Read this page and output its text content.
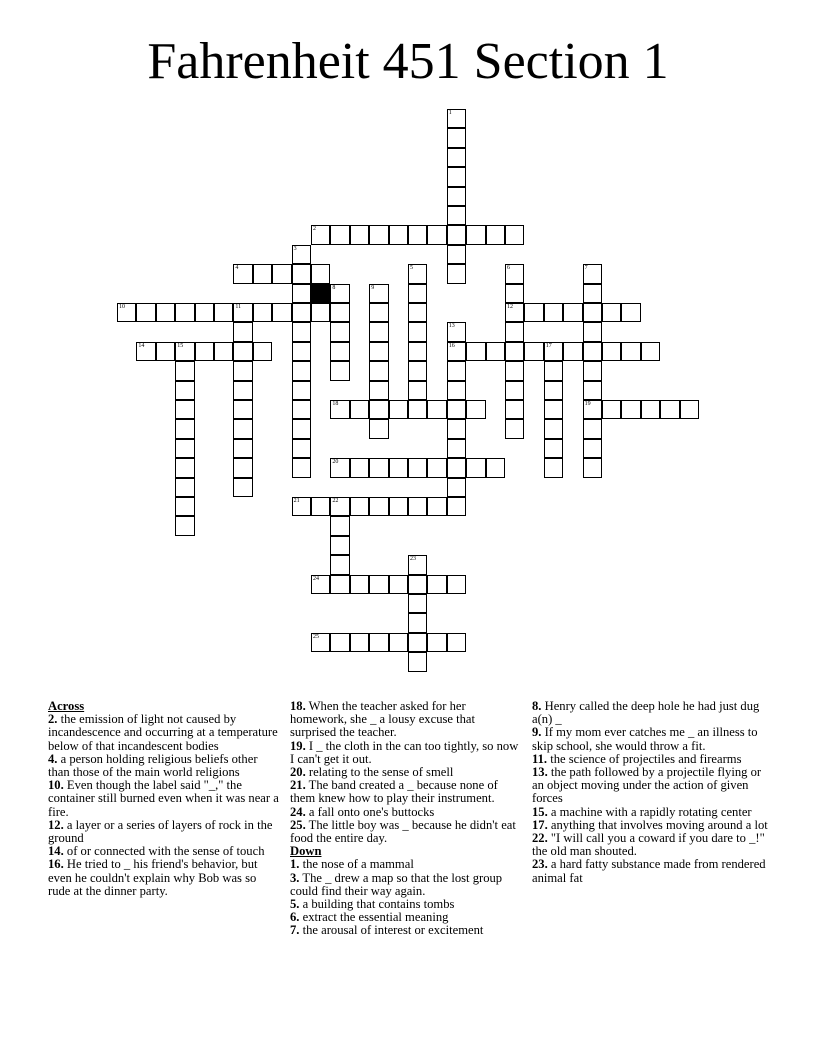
Fahrenheit 451 Section 1
1
2
3
4	5	6
12
7
19
8	9
10	11
13
16
14	15	17
18
20
21	22
23
24
25

Across

2. the emission of light not caused by incandescence and occurring at a temperature below of that incandescent bodies

4. a person holding religious beliefs other than those of the main world religions

10. Even though the label said "_," the container still burned even when it was near a fire.

12. a layer or a series of layers of rock in the ground

14. of or connected with the sense of touch

16. He tried to _ his friend's behavior, but even he couldn't explain why Bob was so rude at the dinner party.

18. When the teacher asked for her homework, she _ a lousy excuse that surprised the teacher.

19. I _ the cloth in the can too tightly, so now I can't get it out.

20. relating to the sense of smell

21. The band created a _ because none of them knew how to play their instrument.

24. a fall onto one's buttocks

25. The little boy was _ because he didn't eat food the entire day.

Down

1. the nose of a mammal

3. The _ drew a map so that the lost group could find their way again.

5. a building that contains tombs

6. extract the essential meaning

7. the arousal of interest or excitement

8. Henry called the deep hole he had just dug a(n) _

9. If my mom ever catches me _ an illness to skip school, she would throw a fit.

11. the science of projectiles and firearms

13. the path followed by a projectile flying or an object moving under the action of given forces

15. a machine with a rapidly rotating center

17. anything that involves moving around a lot

22. "I will call you a coward if you dare to _!" the old man shouted.

23. a hard fatty substance made from rendered animal fat
